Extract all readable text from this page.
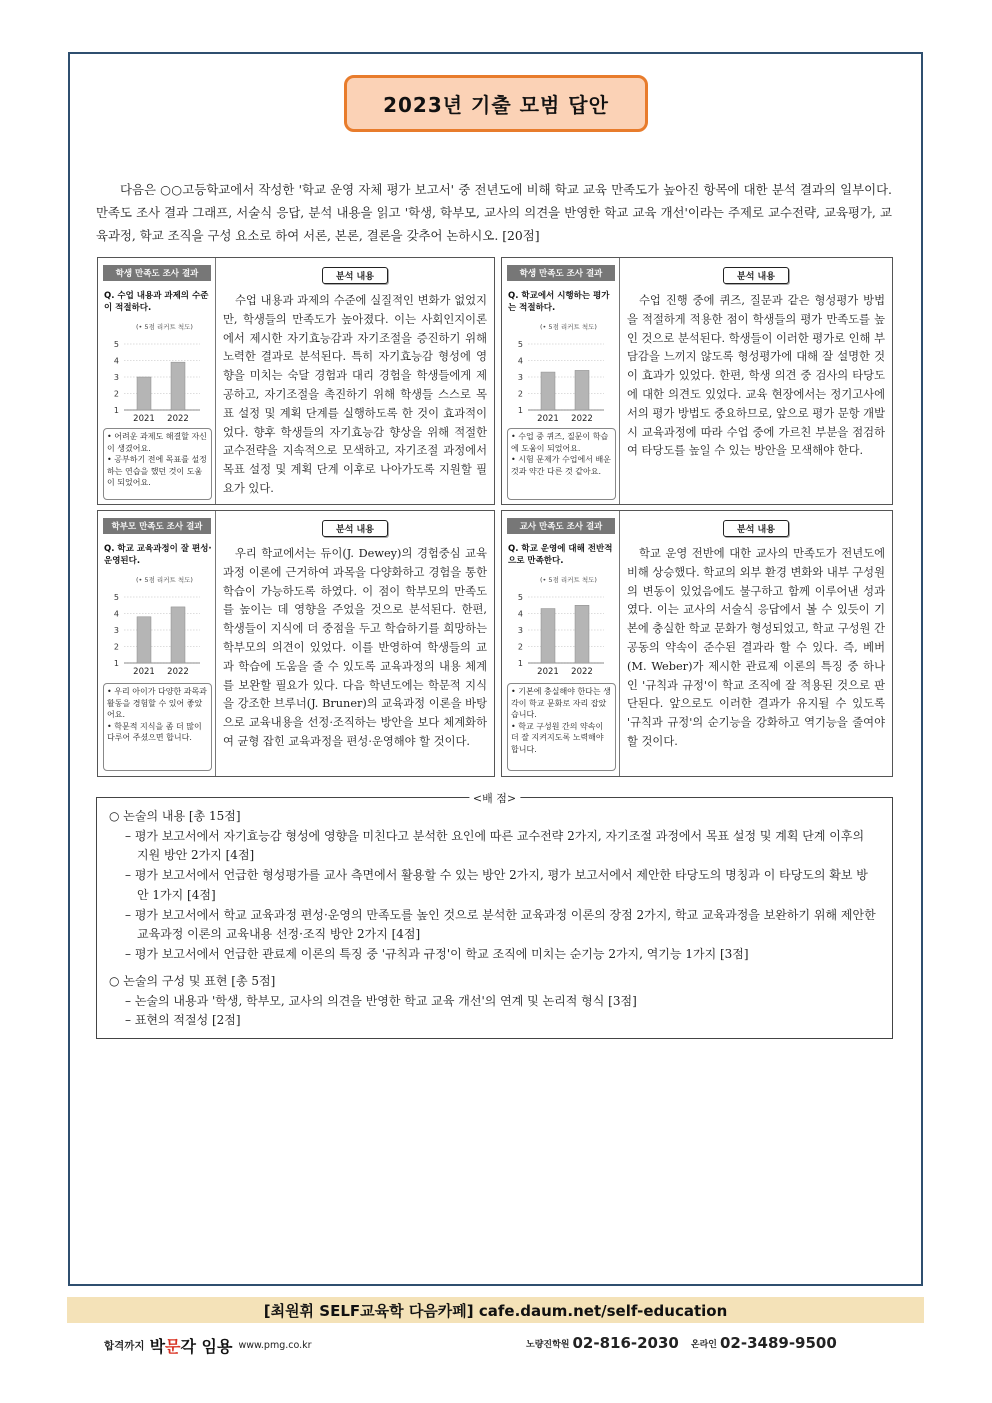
2023년 기출 모범 답안

다음은 ○○고등학교에서 작성한 '학교 운영 자체 평가 보고서' 중 전년도에 비해 학교 교육 만족도가 높아진 항목에 대한 분석 결과의 일부이다. 만족도 조사 결과 그래프, 서술식 응답, 분석 내용을 읽고 '학생, 학부모, 교사의 의견을 반영한 학교 교육 개선'이라는 주제로 교수전략, 교육평가, 교육과정, 학교 조직을 구성 요소로 하여 서론, 본론, 결론을 갖추어 논하시오. [20점]

학생 만족도 조사 결과
Q. 수업 내용과 과제의 수준이 적절하다.
(• 5점 리커트 척도)
1
2
3
4
5
2021 2022

• 어려운 과제도 해결할 자신이 생겼어요.

• 공부하기 전에 목표를 설정하는 연습을 했던 것이 도움이 되었어요.

분석 내용

수업 내용과 과제의 수준에 실질적인 변화가 없었지만, 학생들의 만족도가 높아졌다. 이는 사회인지이론에서 제시한 자기효능감과 자기조절을 증진하기 위해 노력한 결과로 분석된다. 특히 자기효능감 형성에 영향을 미치는 숙달 경험과 대리 경험을 학생들에게 제공하고, 자기조절을 촉진하기 위해 학생들 스스로 목표 설정 및 계획 단계를 실행하도록 한 것이 효과적이었다. 향후 학생들의 자기효능감 향상을 위해 적절한 교수전략을 지속적으로 모색하고, 자기조절 과정에서 목표 설정 및 계획 단계 이후로 나아가도록 지원할 필요가 있다.

학생 만족도 조사 결과
Q. 학교에서 시행하는 평가는 적절하다.
(• 5점 리커트 척도)
1
2
3
4
5
2021 2022

• 수업 중 퀴즈, 질문이 학습에 도움이 되었어요.

• 시험 문제가 수업에서 배운 것과 약간 다른 것 같아요.

분석 내용

수업 진행 중에 퀴즈, 질문과 같은 형성평가 방법을 적절하게 적용한 점이 학생들의 평가 만족도를 높인 것으로 분석된다. 학생들이 이러한 평가로 인해 부담감을 느끼지 않도록 형성평가에 대해 잘 설명한 것이 효과가 있었다. 한편, 학생 의견 중 검사의 타당도에 대한 의견도 있었다. 교육 현장에서는 정기고사에서의 평가 방법도 중요하므로, 앞으로 평가 문항 개발 시 교육과정에 따라 수업 중에 가르친 부분을 점검하여 타당도를 높일 수 있는 방안을 모색해야 한다.

학부모 만족도 조사 결과
Q. 학교 교육과정이 잘 편성·운영된다.
(• 5점 리커트 척도)
1
2
3
4
5
2021 2022

• 우리 아이가 다양한 과목과 활동을 경험할 수 있어 좋았어요.

• 학문적 지식을 좀 더 많이 다루어 주셨으면 합니다.

분석 내용

우리 학교에서는 듀이(J. Dewey)의 경험중심 교육과정 이론에 근거하여 과목을 다양화하고 경험을 통한 학습이 가능하도록 하였다. 이 점이 학부모의 만족도를 높이는 데 영향을 주었을 것으로 분석된다. 한편, 학생들이 지식에 더 중점을 두고 학습하기를 희망하는 학부모의 의견이 있었다. 이를 반영하여 학생들의 교과 학습에 도움을 줄 수 있도록 교육과정의 내용 체계를 보완할 필요가 있다. 다음 학년도에는 학문적 지식을 강조한 브루너(J. Bruner)의 교육과정 이론을 바탕으로 교육내용을 선정·조직하는 방안을 보다 체계화하여 균형 잡힌 교육과정을 편성·운영해야 할 것이다.

교사 만족도 조사 결과
Q. 학교 운영에 대해 전반적으로 만족한다.
(• 5점 리커트 척도)
1
2
3
4
5
2021 2022

• 기본에 충실해야 한다는 생각이 학교 문화로 자리 잡았습니다.

• 학교 구성원 간의 약속이 더 잘 지켜지도록 노력해야 합니다.

분석 내용

학교 운영 전반에 대한 교사의 만족도가 전년도에 비해 상승했다. 학교의 외부 환경 변화와 내부 구성원의 변동이 있었음에도 불구하고 함께 이루어낸 성과였다. 이는 교사의 서술식 응답에서 볼 수 있듯이 기본에 충실한 학교 문화가 형성되었고, 학교 구성원 간 공동의 약속이 준수된 결과라 할 수 있다. 즉, 베버(M. Weber)가 제시한 관료제 이론의 특징 중 하나인 '규칙과 규정'이 학교 조직에 잘 적용된 것으로 판단된다. 앞으로도 이러한 결과가 유지될 수 있도록 '규칙과 규정'의 순기능을 강화하고 역기능을 줄여야 할 것이다.

<배 점>
○ 논술의 내용 [총 15점]
– 평가 보고서에서 자기효능감 형성에 영향을 미친다고 분석한 요인에 따른 교수전략 2가지, 자기조절 과정에서 목표 설정 및 계획 단계 이후의 지원 방안 2가지 [4점]
– 평가 보고서에서 언급한 형성평가를 교사 측면에서 활용할 수 있는 방안 2가지, 평가 보고서에서 제안한 타당도의 명칭과 이 타당도의 확보 방안 1가지 [4점]
– 평가 보고서에서 학교 교육과정 편성·운영의 만족도를 높인 것으로 분석한 교육과정 이론의 장점 2가지, 학교 교육과정을 보완하기 위해 제안한 교육과정 이론의 교육내용 선정·조직 방안 2가지 [4점]
– 평가 보고서에서 언급한 관료제 이론의 특징 중 '규칙과 규정'이 학교 조직에 미치는 순기능 2가지, 역기능 1가지 [3점]
○ 논술의 구성 및 표현 [총 5점]
– 논술의 내용과 '학생, 학부모, 교사의 의견을 반영한 학교 교육 개선'의 연계 및 논리적 형식 [3점]
– 표현의 적절성 [2점]
[최원휘 SELF교육학 다음카페] cafe.daum.net/self-education
합격까지 박문각 임용 www.pmg.co.kr	노량진학원 02-816-2030 온라인 02-3489-9500
